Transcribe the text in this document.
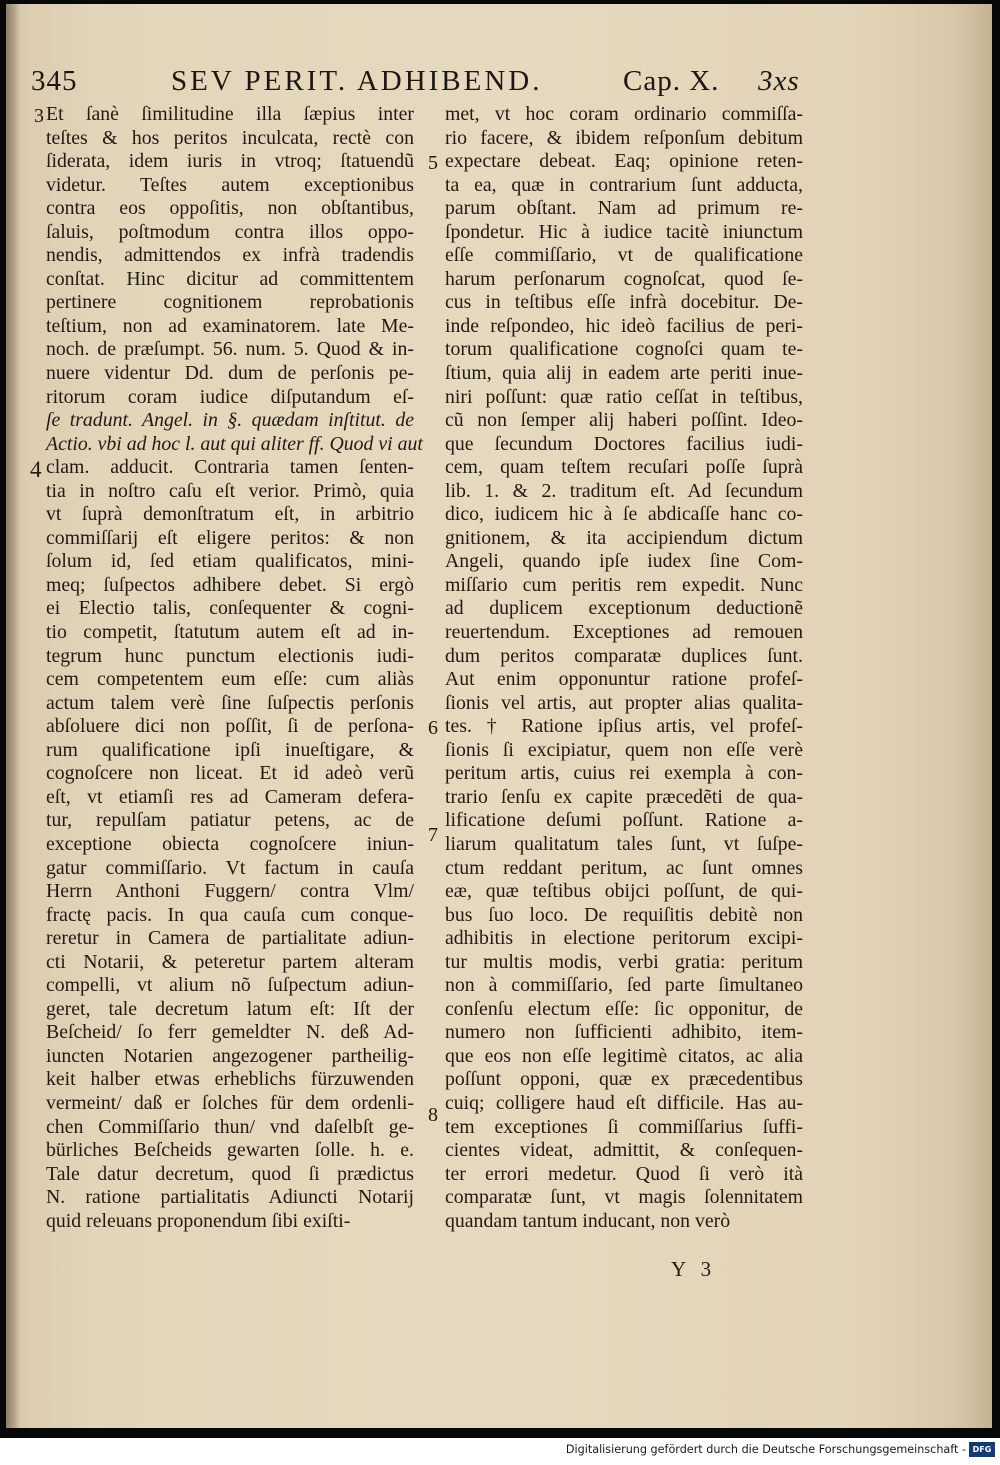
345	SEV PERIT. ADHIBEND.	Cap. X. 3xs
Et ſanè ſimilitudine illa ſæpius inter
teſtes & hos peritos inculcata, rectè con
ſiderata, idem iuris in vtroq; ſtatuendũ
videtur. Teſtes autem exceptionibus
contra eos oppoſitis, non obſtantibus,
ſaluis, poſtmodum contra illos oppo-
nendis, admittendos ex infrà tradendis
conſtat. Hinc dicitur ad committentem
pertinere cognitionem reprobationis
teſtium, non ad examinatorem. late Me-
noch. de præſumpt. 56. num. 5. Quod & in-
nuere videntur Dd. dum de perſonis pe-
ritorum coram iudice diſputandum eſ-
ſe tradunt. Angel. in §. quædam inſtitut. de
Actio. vbi ad hoc l. aut qui aliter ff. Quod vi aut
clam. adducit. Contraria tamen ſenten-
tia in noſtro caſu eſt verior. Primò, quia
vt ſuprà demonſtratum eſt, in arbitrio
commiſſarij eſt eligere peritos: & non
ſolum id, ſed etiam qualificatos, mini-
meq; ſuſpectos adhibere debet. Si ergò
ei Electio talis, conſequenter & cogni-
tio competit, ſtatutum autem eſt ad in-
tegrum hunc punctum electionis iudi-
cem competentem eum eſſe: cum aliàs
actum talem verè ſine ſuſpectis perſonis
abſoluere dici non poſſit, ſi de perſona-
rum qualificatione ipſi inueſtigare, &
cognoſcere non liceat. Et id adeò verũ
eſt, vt etiamſi res ad Cameram defera-
tur, repulſam patiatur petens, ac de
exceptione obiecta cognoſcere iniun-
gatur commiſſario. Vt factum in cauſa
Herrn Anthoni Fuggern/ contra Vlm/
fractę pacis. In qua cauſa cum conque-
reretur in Camera de partialitate adiun-
cti Notarii, & peteretur partem alteram
compelli, vt alium nõ ſuſpectum adiun-
geret, tale decretum latum eſt: Iſt der
Beſcheid/ ſo ferr gemeldter N. deß Ad-
iuncten Notarien angezogener partheilig-
keit halber etwas erheblichs fürzuwenden
vermeint/ daß er ſolches für dem ordenli-
chen Commiſſario thun/ vnd daſelbſt ge-
bürliches Beſcheids gewarten ſolle. h. e.
Tale datur decretum, quod ſi prædictus
N. ratione partialitatis Adiuncti Notarij
quid releuans proponendum ſibi exiſti-
met, vt hoc coram ordinario commiſſa-
rio facere, & ibidem reſponſum debitum
expectare debeat. Eaq; opinione reten-
ta ea, quæ in contrarium ſunt adducta,
parum obſtant. Nam ad primum re-
ſpondetur. Hic à iudice tacitè iniunctum
eſſe commiſſario, vt de qualificatione
harum perſonarum cognoſcat, quod ſe-
cus in teſtibus eſſe infrà docebitur. De-
inde reſpondeo, hic ideò facilius de peri-
torum qualificatione cognoſci quam te-
ſtium, quia alij in eadem arte periti inue-
niri poſſunt: quæ ratio ceſſat in teſtibus,
cũ non ſemper alij haberi poſſint. Ideo-
que ſecundum Doctores facilius iudi-
cem, quam teſtem recuſari poſſe ſuprà
lib. 1. & 2. traditum eſt. Ad ſecundum
dico, iudicem hic à ſe abdicaſſe hanc co-
gnitionem, & ita accipiendum dictum
Angeli, quando ipſe iudex ſine Com-
miſſario cum peritis rem expedit. Nunc
ad duplicem exceptionum deductionẽ
reuertendum. Exceptiones ad remouen
dum peritos comparatæ duplices ſunt.
Aut enim opponuntur ratione profeſ-
ſionis vel artis, aut propter alias qualita-
tes. † Ratione ipſius artis, vel profeſ-
ſionis ſi excipiatur, quem non eſſe verè
peritum artis, cuius rei exempla à con-
trario ſenſu ex capite præcedẽti de qua-
lificatione deſumi poſſunt. Ratione a-
liarum qualitatum tales ſunt, vt ſuſpe-
ctum reddant peritum, ac ſunt omnes
eæ, quæ teſtibus obijci poſſunt, de qui-
bus ſuo loco. De requiſitis debitè non
adhibitis in electione peritorum excipi-
tur multis modis, verbi gratia: peritum
non à commiſſario, ſed parte ſimultaneo
conſenſu electum eſſe: ſic opponitur, de
numero non ſufficienti adhibito, item-
que eos non eſſe legitimè citatos, ac alia
poſſunt opponi, quæ ex præcedentibus
cuiq; colligere haud eſt difficile. Has au-
tem exceptiones ſi commiſſarius ſuffi-
cientes videat, admittit, & conſequen-
ter errori medetur. Quod ſi verò ità
comparatæ ſunt, vt magis ſolennitatem
quandam tantum inducant, non verò
3
4
5
6
7
8
Y 3
Digitalisierung gefördert durch die Deutsche Forschungsgemeinschaft - DFG
